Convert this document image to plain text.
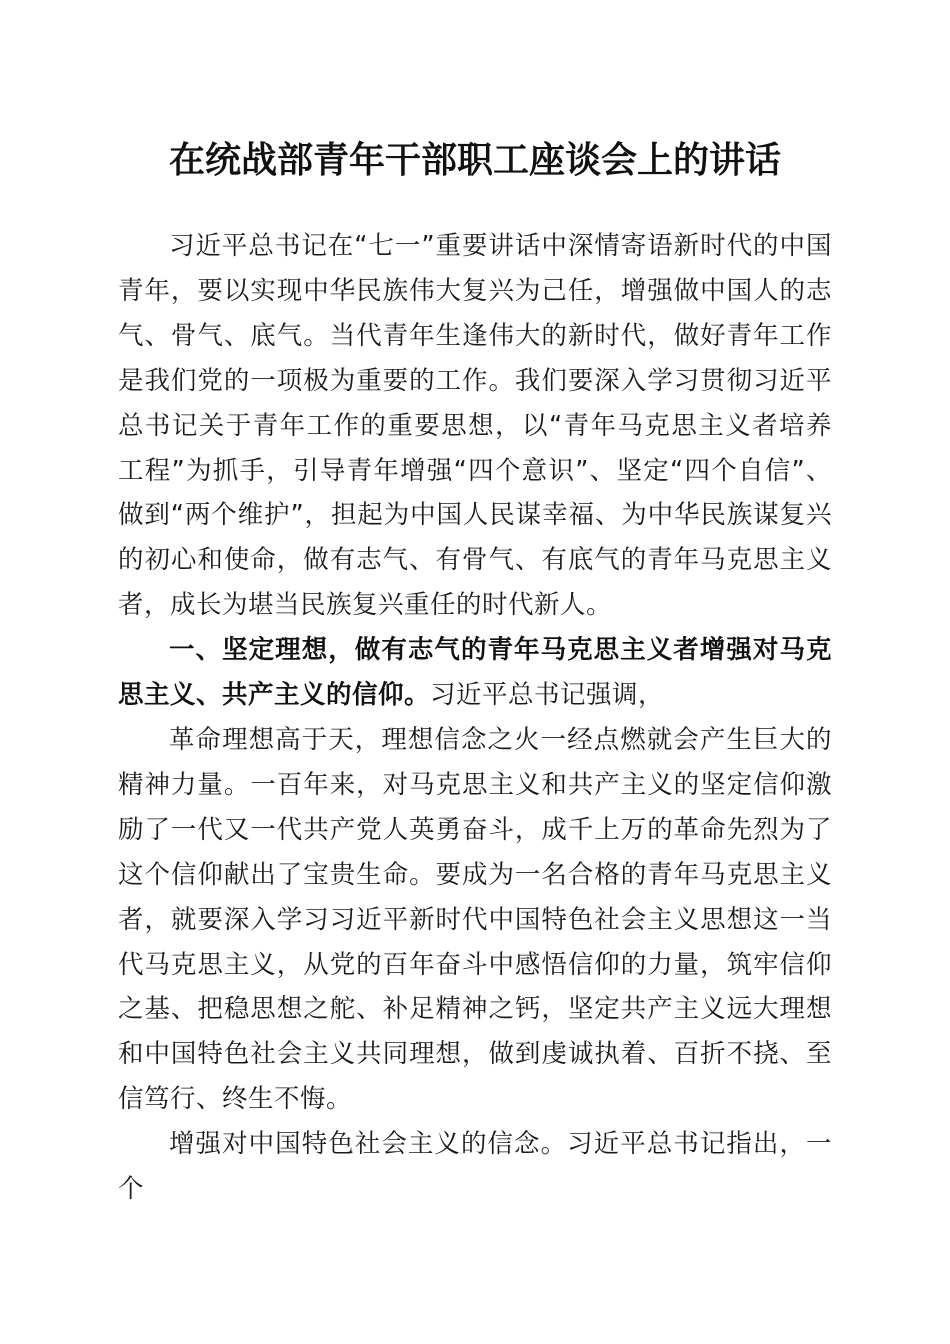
在统战部青年干部职工座谈会上的讲话

习近平总书记在“七一”重要讲话中深情寄语新时代的中国青年，要以实现中华民族伟大复兴为己任，增强做中国人的志气、骨气、底气。当代青年生逢伟大的新时代，做好青年工作是我们党的一项极为重要的工作。我们要深入学习贯彻习近平总书记关于青年工作的重要思想，以“青年马克思主义者培养工程”为抓手，引导青年增强“四个意识”、坚定“四个自信”、做到“两个维护”，担起为中国人民谋幸福、为中华民族谋复兴的初心和使命，做有志气、有骨气、有底气的青年马克思主义者，成长为堪当民族复兴重任的时代新人。

一、坚定理想，做有志气的青年马克思主义者增强对马克思主义、共产主义的信仰。习近平总书记强调，

革命理想高于天，理想信念之火一经点燃就会产生巨大的精神力量。一百年来，对马克思主义和共产主义的坚定信仰激励了一代又一代共产党人英勇奋斗，成千上万的革命先烈为了这个信仰献出了宝贵生命。要成为一名合格的青年马克思主义者，就要深入学习习近平新时代中国特色社会主义思想这一当代马克思主义，从党的百年奋斗中感悟信仰的力量，筑牢信仰之基、把稳思想之舵、补足精神之钙，坚定共产主义远大理想和中国特色社会主义共同理想，做到虔诚执着、百折不挠、至信笃行、终生不悔。

增强对中国特色社会主义的信念。习近平总书记指出，一个
